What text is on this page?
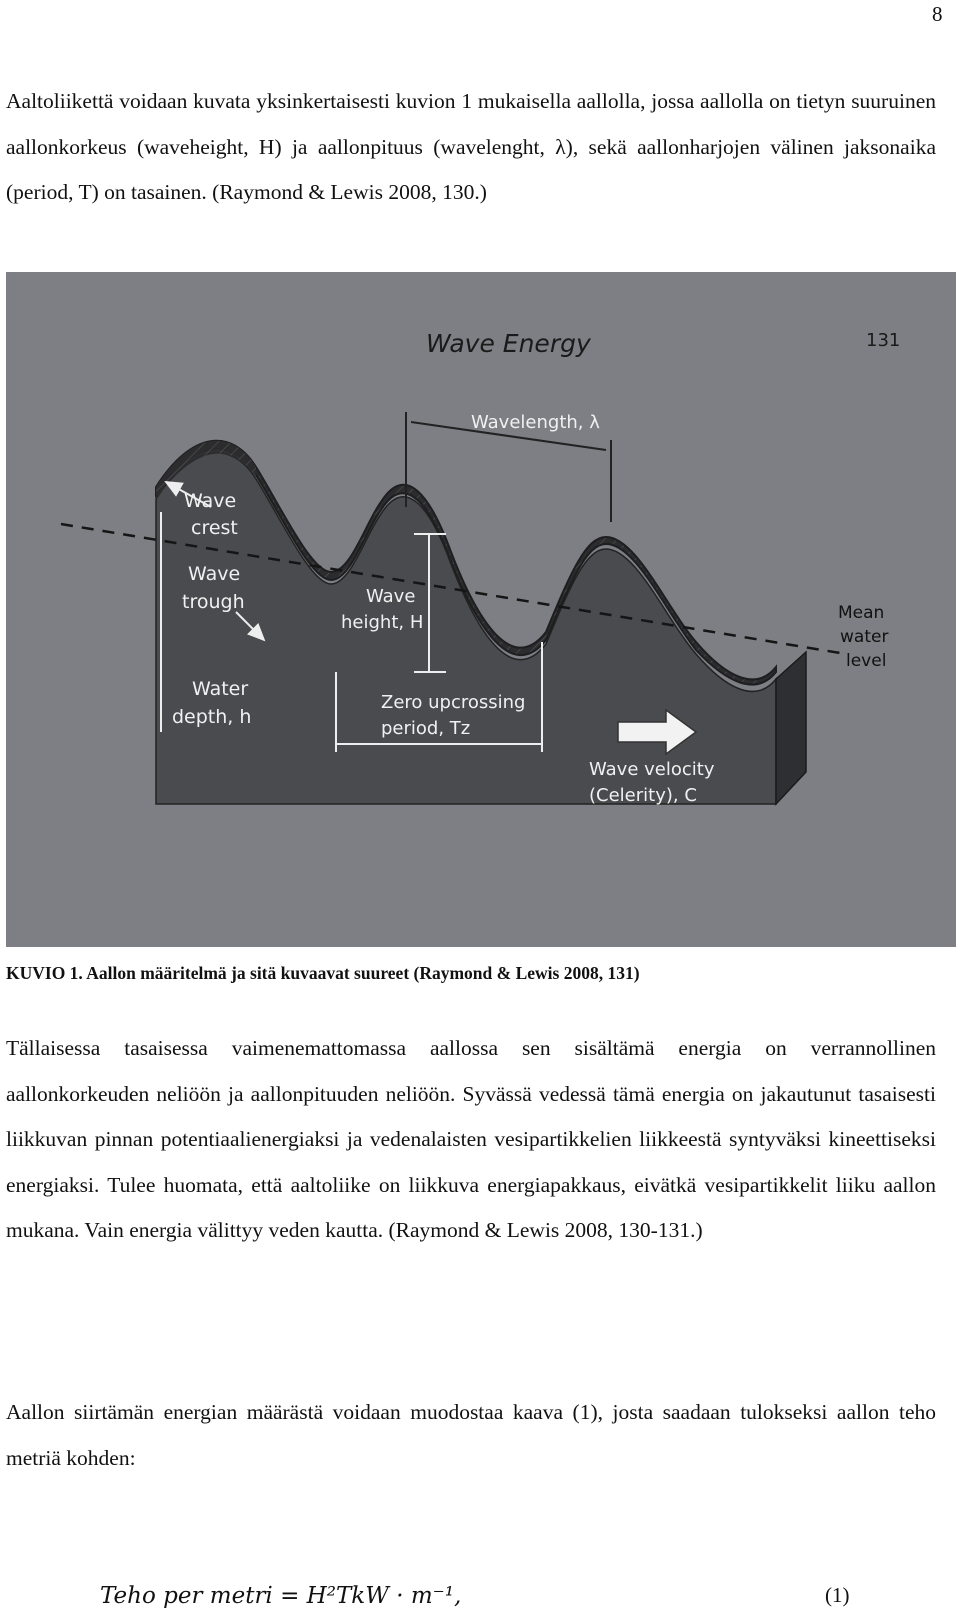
8

Aaltoliikettä voidaan kuvata yksinkertaisesti kuvion 1 mukaisella aallolla, jossa aallolla on tietyn suuruinen aallonkorkeus (waveheight, H) ja aallonpituus (wavelenght, λ), sekä aallonharjojen välinen jaksonaika (period, T) on tasainen. (Raymond & Lewis 2008, 130.)

Wavelength, λ
Wave Energy	131
Wave
crest
Wave
trough	Wave
height, H
Water
depth, h
Zero upcrossing
period, Tz
Wave velocity
(Celerity), C
Mean
water
level
KUVIO 1. Aallon määritelmä ja sitä kuvaavat suureet (Raymond & Lewis 2008, 131)

Tällaisessa tasaisessa vaimenemattomassa aallossa sen sisältämä energia on verrannollinen aallonkorkeuden neliöön ja aallonpituuden neliöön. Syvässä vedessä tämä energia on jakautunut tasaisesti liikkuvan pinnan potentiaalienergiaksi ja vedenalaisten vesipartikkelien liikkeestä syntyväksi kineettiseksi energiaksi. Tulee huomata, että aaltoliike on liikkuva energiapakkaus, eivätkä vesipartikkelit liiku aallon mukana. Vain energia välittyy veden kautta. (Raymond & Lewis 2008, 130-131.)

Aallon siirtämän energian määrästä voidaan muodostaa kaava (1), josta saadaan tulokseksi aallon teho metriä kohden:

Teho per metri = H²TkW · m⁻¹,	(1)
